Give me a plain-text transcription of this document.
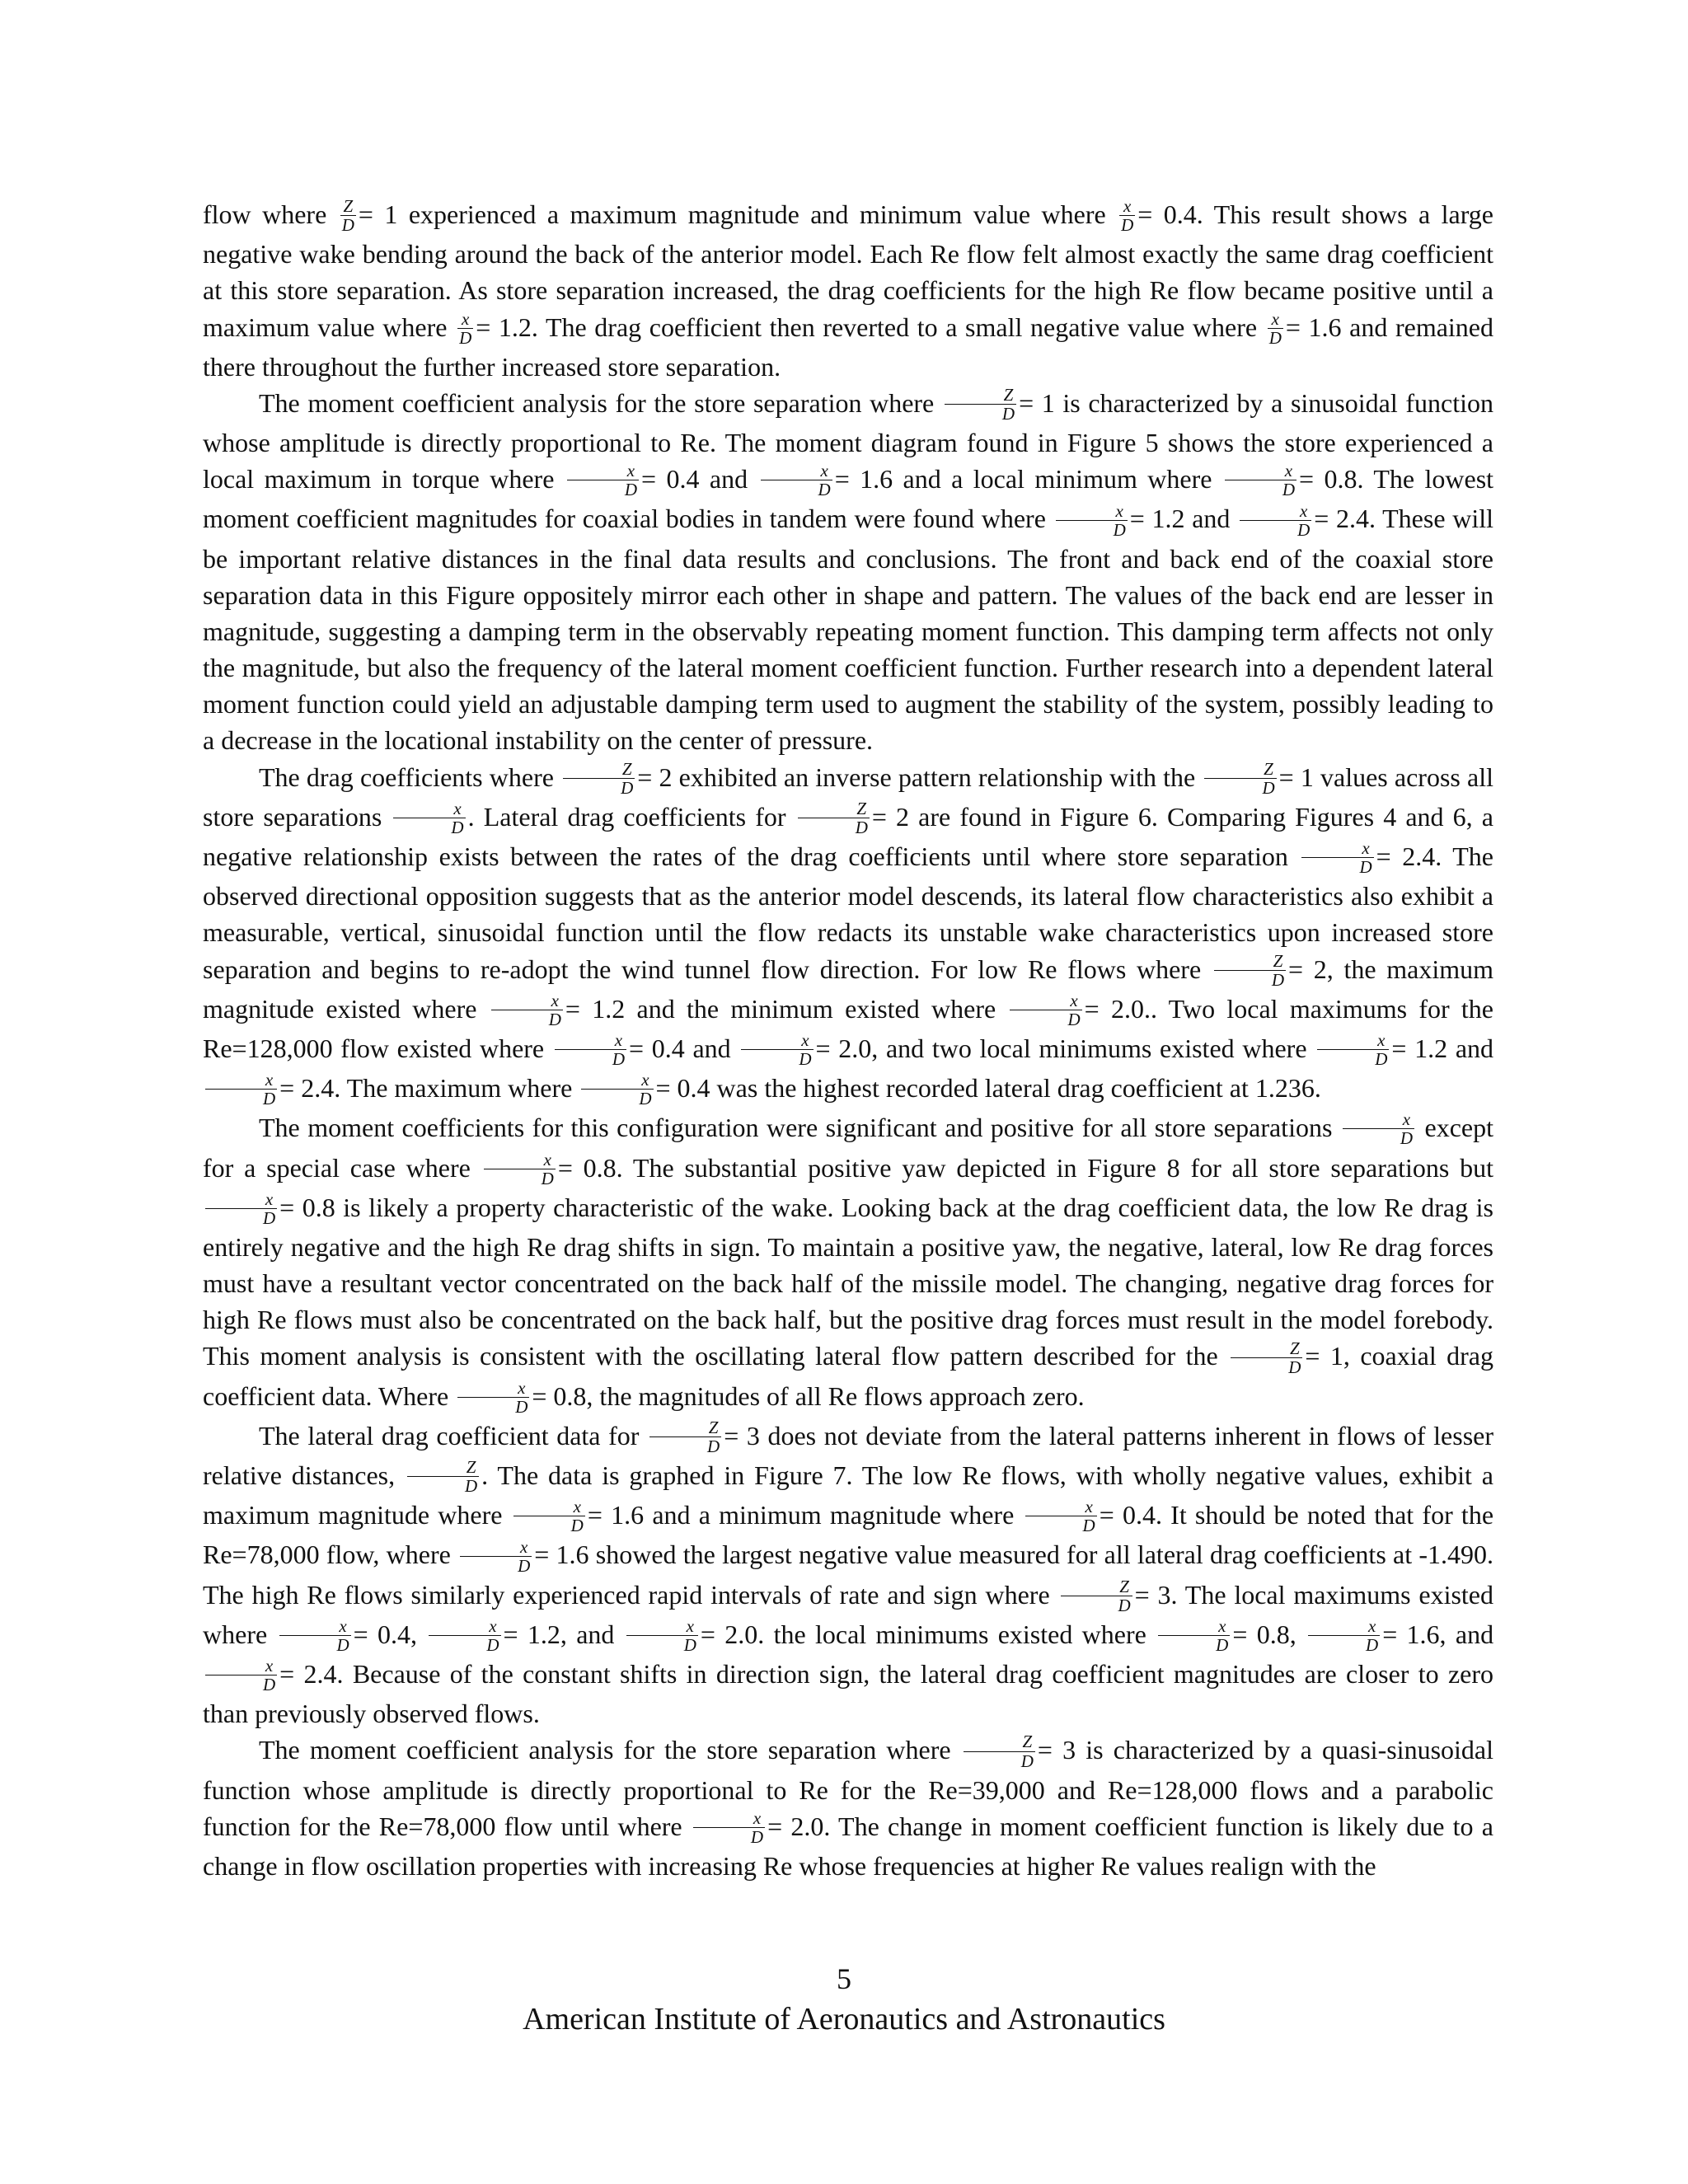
flow where $\frac{Z}{D} = 1$ experienced a maximum magnitude and minimum value where $\frac{x}{D} = 0.4$. This result shows a large negative wake bending around the back of the anterior model. Each Re flow felt almost exactly the same drag coefficient at this store separation. As store separation increased, the drag coefficients for the high Re flow became positive until a maximum value where $\frac{x}{D} = 1.2$. The drag coefficient then reverted to a small negative value where $\frac{x}{D} = 1.6$ and remained there throughout the further increased store separation.

The moment coefficient analysis for the store separation where $\frac{Z}{D} = 1$ is characterized by a sinusoidal function whose amplitude is directly proportional to Re. The moment diagram found in Figure 5 shows the store experienced a local maximum in torque where $\frac{x}{D} = 0.4$ and $\frac{x}{D} = 1.6$ and a local minimum where $\frac{x}{D} = 0.8$. The lowest moment coefficient magnitudes for coaxial bodies in tandem were found where $\frac{x}{D} = 1.2$ and $\frac{x}{D} = 2.4$. These will be important relative distances in the final data results and conclusions. The front and back end of the coaxial store separation data in this Figure oppositely mirror each other in shape and pattern. The values of the back end are lesser in magnitude, suggesting a damping term in the observably repeating moment function. This damping term affects not only the magnitude, but also the frequency of the lateral moment coefficient function. Further research into a dependent lateral moment function could yield an adjustable damping term used to augment the stability of the system, possibly leading to a decrease in the locational instability on the center of pressure.

The drag coefficients where $\frac{Z}{D} = 2$ exhibited an inverse pattern relationship with the $\frac{Z}{D} = 1$ values across all store separations $\frac{x}{D}$ . Lateral drag coefficients for $\frac{Z}{D} = 2$ are found in Figure 6. Comparing Figures 4 and 6, a negative relationship exists between the rates of the drag coefficients until where store separation $\frac{x}{D} = 2.4$. The observed directional opposition suggests that as the anterior model descends, its lateral flow characteristics also exhibit a measurable, vertical, sinusoidal function until the flow redacts its unstable wake characteristics upon increased store separation and begins to re-adopt the wind tunnel flow direction. For low Re flows where $\frac{Z}{D} = 2$, the maximum magnitude existed where $\frac{x}{D} = 1.2$ and the minimum existed where $\frac{x}{D} = 2.0$.. Two local maximums for the Re=128,000 flow existed where $\frac{x}{D} = 0.4$ and $\frac{x}{D} = 2.0$, and two local minimums existed where $\frac{x}{D} = 1.2$ and
$\frac{x}{D} = 2.4$. The maximum where $\frac{x}{D} = 0.4$ was the highest recorded lateral drag coefficient at 1.236.

The moment coefficients for this configuration were significant and positive for all store separations $\frac{x}{D}$ except for a special case where $\frac{x}{D} = 0.8$. The substantial positive yaw depicted in Figure 8 for all store separations but
$\frac{x}{D} = 0.8$ is likely a property characteristic of the wake. Looking back at the drag coefficient data, the low Re drag is entirely negative and the high Re drag shifts in sign. To maintain a positive yaw, the negative, lateral, low Re drag forces must have a resultant vector concentrated on the back half of the missile model. The changing, negative drag forces for high Re flows must also be concentrated on the back half, but the positive drag forces must result in the model forebody. This moment analysis is consistent with the oscillating lateral flow pattern described for the $\frac{Z}{D} = 1$, coaxial drag coefficient data. Where $\frac{x}{D} = 0.8$, the magnitudes of all Re flows approach zero.

The lateral drag coefficient data for $\frac{Z}{D} = 3$ does not deviate from the lateral patterns inherent in flows of lesser relative distances, $\frac{Z}{D}$ . The data is graphed in Figure 7. The low Re flows, with wholly negative values, exhibit a maximum magnitude where $\frac{x}{D} = 1.6$ and a minimum magnitude where $\frac{x}{D} = 0.4$. It should be noted that for the Re=78,000 flow, where $\frac{x}{D} = 1.6$ showed the largest negative value measured for all lateral drag coefficients at -1.490. The high Re flows similarly experienced rapid intervals of rate and sign where $\frac{Z}{D} = 3$. The local maximums existed where $\frac{x}{D} = 0.4$, $\frac{x}{D} = 1.2$, and $\frac{x}{D} = 2.0$. the local minimums existed where $\frac{x}{D} = 0.8$, $\frac{x}{D} = 1.6$, and
$\frac{x}{D} = 2.4$. Because of the constant shifts in direction sign, the lateral drag coefficient magnitudes are closer to zero than previously observed flows.

The moment coefficient analysis for the store separation where $\frac{Z}{D} = 3$ is characterized by a quasi-sinusoidal function whose amplitude is directly proportional to Re for the Re=39,000 and Re=128,000 flows and a parabolic function for the Re=78,000 flow until where $\frac{x}{D} = 2.0$. The change in moment coefficient function is likely due to a change in flow oscillation properties with increasing Re whose frequencies at higher Re values realign with the

5
American Institute of Aeronautics and Astronautics
